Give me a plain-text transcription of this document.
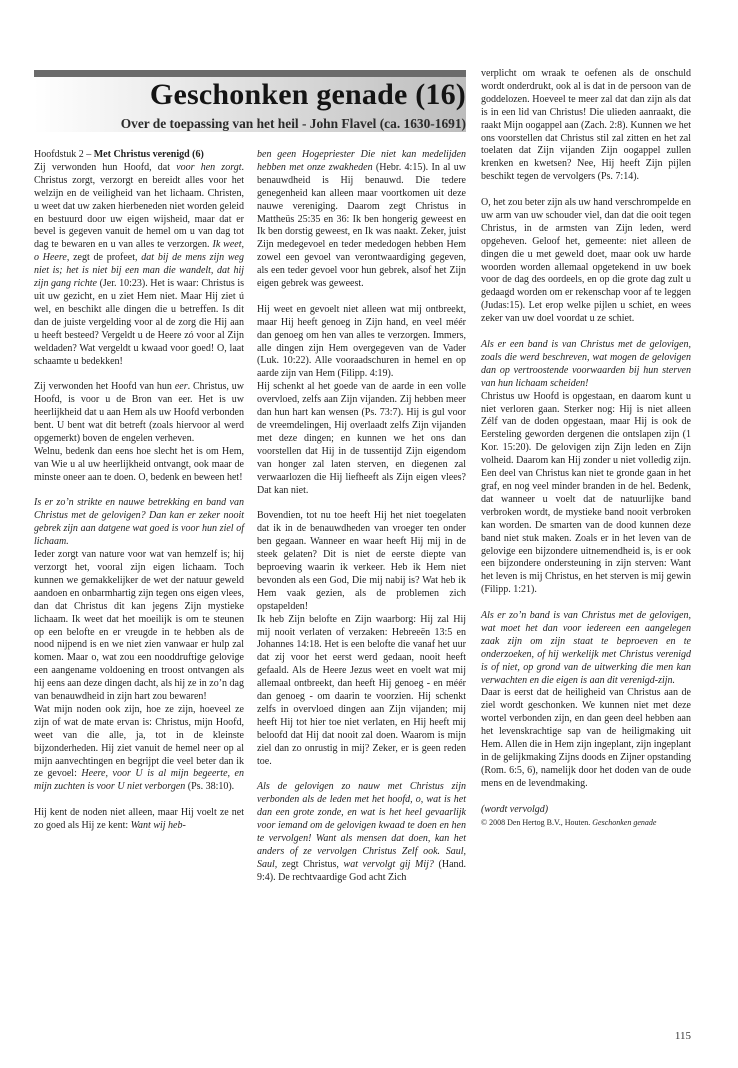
Geschonken genade (16)
Over de toepassing van het heil - John Flavel (ca. 1630-1691)

Hoofdstuk 2 – Met Christus verenigd (6)

Zij verwonden hun Hoofd, dat voor hen zorgt. Christus zorgt, verzorgt en bereidt alles voor het welzijn en de veiligheid van het lichaam. Christen, u weet dat uw zaken hierbeneden niet worden geleid en bestuurd door uw eigen wijsheid, maar dat er bevel is gegeven vanuit de hemel om u van dag tot dag te bewaren en u van alles te verzorgen. Ik weet, o Heere, zegt de profeet, dat bij de mens zijn weg niet is; het is niet bij een man die wandelt, dat hij zijn gang richte (Jer. 10:23). Het is waar: Christus is uit uw gezicht, en u ziet Hem niet. Maar Hij ziet ú wel, en beschikt alle dingen die u betreffen. Is dit dan de juiste vergelding voor al de zorg die Hij aan u heeft besteed? Vergeldt u de Heere zó voor al Zijn weldaden? Wat vergeldt u kwaad voor goed! O, laat schaamte u bedekken!

Zij verwonden het Hoofd van hun eer. Christus, uw Hoofd, is voor u de Bron van eer. Het is uw heerlijkheid dat u aan Hem als uw Hoofd verbonden bent. U bent wat dit betreft (zoals hiervoor al werd opgemerkt) boven de engelen verheven.

Welnu, bedenk dan eens hoe slecht het is om Hem, van Wie u al uw heerlijkheid ontvangt, ook maar de minste oneer aan te doen. O, bedenk en beween het!

Is er zo’n strikte en nauwe betrekking en band van Christus met de gelovigen? Dan kan er zeker nooit gebrek zijn aan datgene wat goed is voor hun ziel of lichaam.

Ieder zorgt van nature voor wat van hemzelf is; hij verzorgt het, vooral zijn eigen lichaam. Toch kunnen we gemakkelijker de wet der natuur geweld aandoen en onbarmhartig zijn tegen ons eigen vlees, dan dat Christus dit kan jegens Zijn mystieke lichaam. Ik weet dat het moeilijk is om te steunen op een belofte en er vreugde in te hebben als de nood nijpend is en we niet zien vanwaar er hulp zal komen. Maar o, wat zou een nooddruftige gelovige een aangename voldoening en troost ontvangen als hij eens aan deze dingen dacht, als hij ze in zo’n dag van benauwdheid in zijn hart zou bewaren!

Wat mijn noden ook zijn, hoe ze zijn, hoeveel ze zijn of wat de mate ervan is: Christus, mijn Hoofd, weet van die alle, ja, tot in de kleinste bijzonderheden. Hij ziet vanuit de hemel neer op al mijn aanvechtingen en begrijpt die veel beter dan ik ze gevoel: Heere, voor U is al mijn begeerte, en mijn zuchten is voor U niet verborgen (Ps. 38:10).

Hij kent de noden niet alleen, maar Hij voelt ze net zo goed als Hij ze kent: Want wij heb-

ben geen Hogepriester Die niet kan medelijden hebben met onze zwakheden (Hebr. 4:15). In al uw benauwdheid is Hij benauwd. Die tedere genegenheid kan alleen maar voortkomen uit deze nauwe vereniging. Daarom zegt Christus in Mattheüs 25:35 en 36: Ik ben hongerig geweest en Ik ben dorstig geweest, en Ik was naakt. Zeker, juist Zijn medegevoel en teder mededogen hebben Hem zowel een gevoel van verontwaardiging gegeven, als een teder gevoel voor hun gebrek, alsof het Zijn eigen gebrek was geweest.

Hij weet en gevoelt niet alleen wat mij ontbreekt, maar Hij heeft genoeg in Zijn hand, en veel méér dan genoeg om hen van alles te verzorgen. Immers, alle dingen zijn Hem overgegeven van de Vader (Luk. 10:22). Alle vooraadschuren in hemel en op aarde zijn van Hem (Filipp. 4:19).

Hij schenkt al het goede van de aarde in een volle overvloed, zelfs aan Zijn vijanden. Zij hebben meer dan hun hart kan wensen (Ps. 73:7). Hij is gul voor de vreemdelingen, Hij overlaadt zelfs Zijn vijanden met deze dingen; en kunnen we het ons dan voorstellen dat Hij in de tussentijd Zijn eigendom van honger zal laten sterven, en diegenen zal verwaarlozen die Hij liefheeft als Zijn eigen vlees? Dat kan niet.

Bovendien, tot nu toe heeft Hij het niet toegelaten dat ik in de benauwdheden van vroeger ten onder ben gegaan. Wanneer en waar heeft Hij mij in de steek gelaten? Dit is niet de eerste diepte van beproeving waarin ik verkeer. Heb ik Hem niet bevonden als een God, Die mij nabij is? Wat heb ik Hem vaak gezien, als de problemen zich opstapelden!

Ik heb Zijn belofte en Zijn waarborg: Hij zal Hij mij nooit verlaten of verzaken: Hebreeën 13:5 en Johannes 14:18. Het is een belofte die vanaf het uur dat zij voor het eerst werd gedaan, nooit heeft gefaald. Als de Heere Jezus weet en voelt wat mij allemaal ontbreekt, dan heeft Hij genoeg - en méér dan genoeg - om daarin te voorzien. Hij schenkt zelfs in overvloed dingen aan Zijn vijanden; mij heeft Hij tot hier toe niet verlaten, en Hij heeft mij beloofd dat Hij dat nooit zal doen. Waarom is mijn ziel dan zo onrustig in mij? Zeker, er is geen reden toe.

Als de gelovigen zo nauw met Christus zijn verbonden als de leden met het hoofd, o, wat is het dan een grote zonde, en wat is het heel gevaarlijk voor iemand om de gelovigen kwaad te doen en hen te vervolgen! Want als mensen dat doen, kan het anders of ze vervolgen Christus Zelf ook. Saul, Saul, zegt Christus, wat vervolgt gij Mij? (Hand. 9:4). De rechtvaardige God acht Zich

verplicht om wraak te oefenen als de onschuld wordt onderdrukt, ook al is dat in de persoon van de goddelozen. Hoeveel te meer zal dat dan zijn als dat is in een lid van Christus! Die ulieden aanraakt, die raakt Mijn oogappel aan (Zach. 2:8). Kunnen we het ons voorstellen dat Christus stil zal zitten en het zal toelaten dat Zijn vijanden Zijn oogappel zullen krenken en kwetsen? Nee, Hij heeft Zijn pijlen beschikt tegen de vervolgers (Ps. 7:14).

O, het zou beter zijn als uw hand verschrompelde en uw arm van uw schouder viel, dan dat die ooit tegen Christus, in de armsten van Zijn leden, werd opgeheven. Geloof het, gemeente: niet alleen de dingen die u met geweld doet, maar ook uw harde woorden worden allemaal opgetekend in uw boek voor de dag des oordeels, en op die grote dag zult u gedaagd worden om er rekenschap voor af te leggen (Judas:15). Let erop welke pijlen u schiet, en wees zeker van uw doel voordat u ze schiet.

Als er een band is van Christus met de gelovigen, zoals die werd beschreven, wat mogen de gelovigen dan op vertroostende voorwaarden bij hun sterven van hun lichaam scheiden!

Christus uw Hoofd is opgestaan, en daarom kunt u niet verloren gaan. Sterker nog: Hij is niet alleen Zélf van de doden opgestaan, maar Hij is ook de Eersteling geworden dergenen die ontslapen zijn (1 Kor. 15:20). De gelovigen zijn Zijn leden en Zijn volheid. Daarom kan Hij zonder u niet volledig zijn. Een deel van Christus kan niet te gronde gaan in het graf, en nog veel minder branden in de hel. Bedenk, dat wanneer u voelt dat de natuurlijke band verbroken wordt, de mystieke band nooit verbroken kan worden. De smarten van de dood kunnen deze band niet stuk maken. Zoals er in het leven van de gelovige een bijzondere uitnemendheid is, is er ook een bijzondere ondersteuning in zijn sterven: Want het leven is mij Christus, en het sterven is mij gewin (Filipp. 1:21).

Als er zo’n band is van Christus met de gelovigen, wat moet het dan voor iedereen een aangelegen zaak zijn om zijn staat te beproeven en te onderzoeken, of hij werkelijk met Christus verenigd is of niet, op grond van de uitwerking die men kan verwachten en die eigen is aan dit verenigd-zijn.

Daar is eerst dat de heiligheid van Christus aan de ziel wordt geschonken. We kunnen niet met deze wortel verbonden zijn, en dan geen deel hebben aan het levenskrachtige sap van de heiligmaking uit Hem. Allen die in Hem zijn ingeplant, zijn ingeplant in de gelijkmaking Zijns doods en Zijner opstanding (Rom. 6:5, 6), namelijk door het doden van de oude mens en de levendmaking.

(wordt vervolgd)

© 2008 Den Hertog B.V., Houten. Geschonken genade

115
